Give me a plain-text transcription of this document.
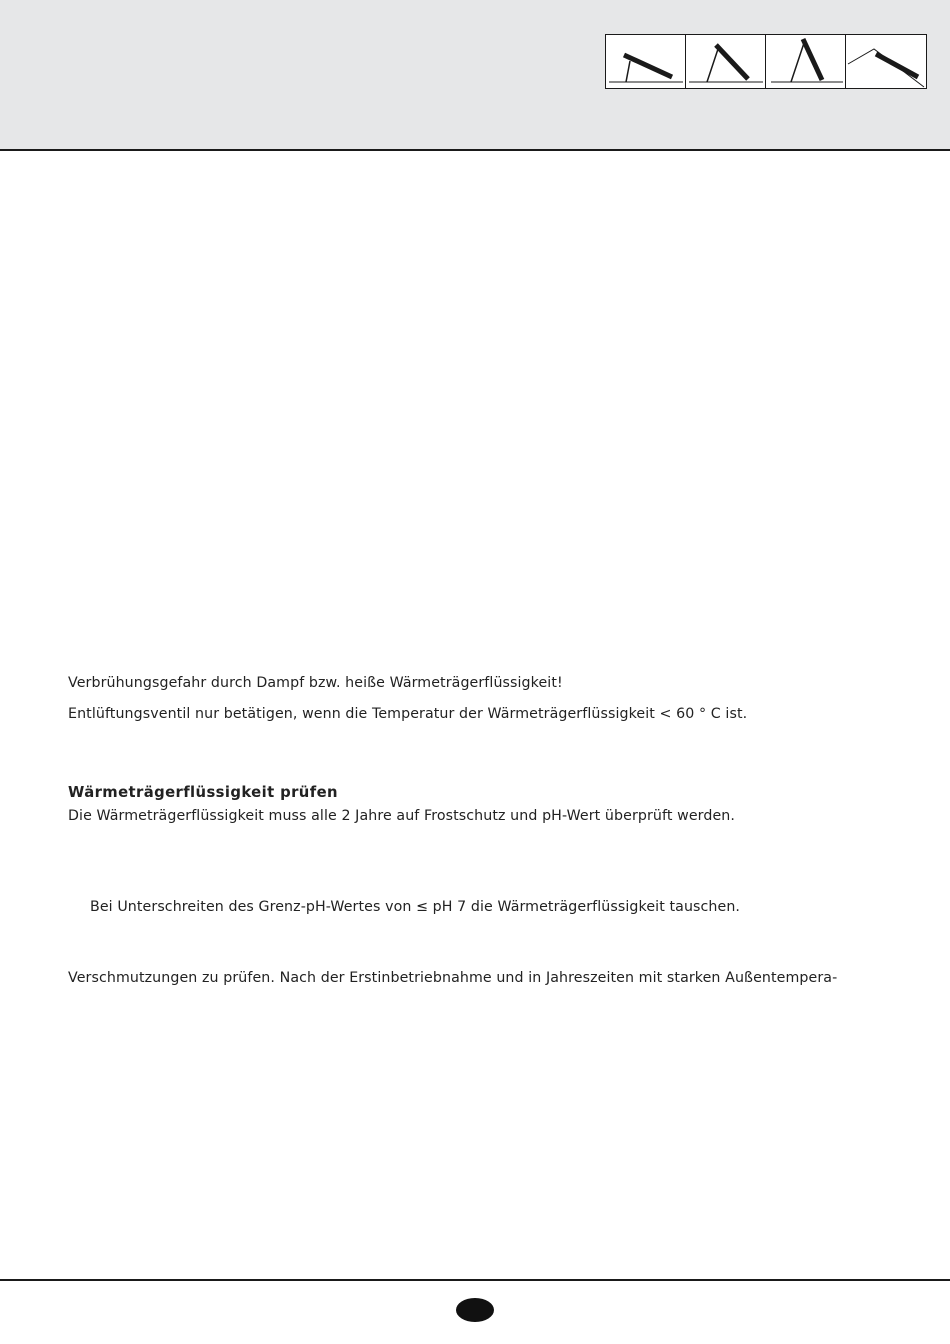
Verbrühungsgefahr durch Dampf bzw. heiße Wärmeträgerflüssigkeit!
Entlüftungsventil nur betätigen, wenn die Temperatur der Wärmeträgerflüssigkeit < 60 ° C ist.
Wärmeträgerflüssigkeit prüfen
Die Wärmeträgerflüssigkeit muss alle 2 Jahre auf Frostschutz und pH-Wert überprüft werden.
Bei Unterschreiten des Grenz-pH-Wertes von ≤ pH 7 die Wärmeträgerflüssigkeit tauschen.
Verschmutzungen zu prüfen. Nach der Erstinbetriebnahme und in Jahreszeiten mit starken Außentempera-
